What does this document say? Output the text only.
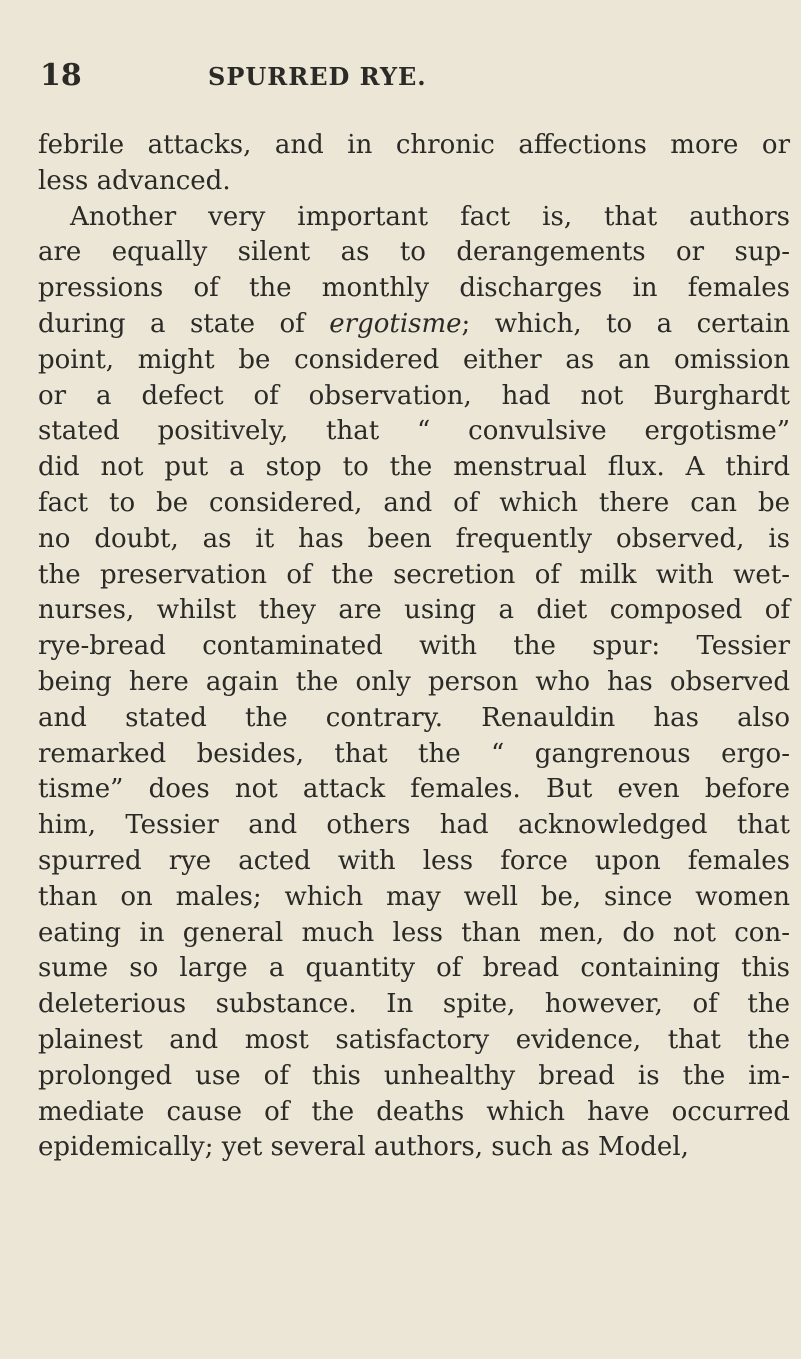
18	SPURRED RYE.
febrile attacks, and in chronic affections more or
less advanced.
Another very important fact is, that authors
are equally silent as to derangements or sup-
pressions of the monthly discharges in females
during a state of ergotisme; which, to a certain
point, might be considered either as an omission
or a defect of observation, had not Burghardt
stated positively, that “ convulsive ergotisme”
did not put a stop to the menstrual flux. A third
fact to be considered, and of which there can be
no doubt, as it has been frequently observed, is
the preservation of the secretion of milk with wet-
nurses, whilst they are using a diet composed of
rye-bread contaminated with the spur: Tessier
being here again the only person who has observed
and stated the contrary. Renauldin has also
remarked besides, that the “ gangrenous ergo-
tisme” does not attack females. But even before
him, Tessier and others had acknowledged that
spurred rye acted with less force upon females
than on males; which may well be, since women
eating in general much less than men, do not con-
sume so large a quantity of bread containing this
deleterious substance. In spite, however, of the
plainest and most satisfactory evidence, that the
prolonged use of this unhealthy bread is the im-
mediate cause of the deaths which have occurred
epidemically; yet several authors, such as Model,
